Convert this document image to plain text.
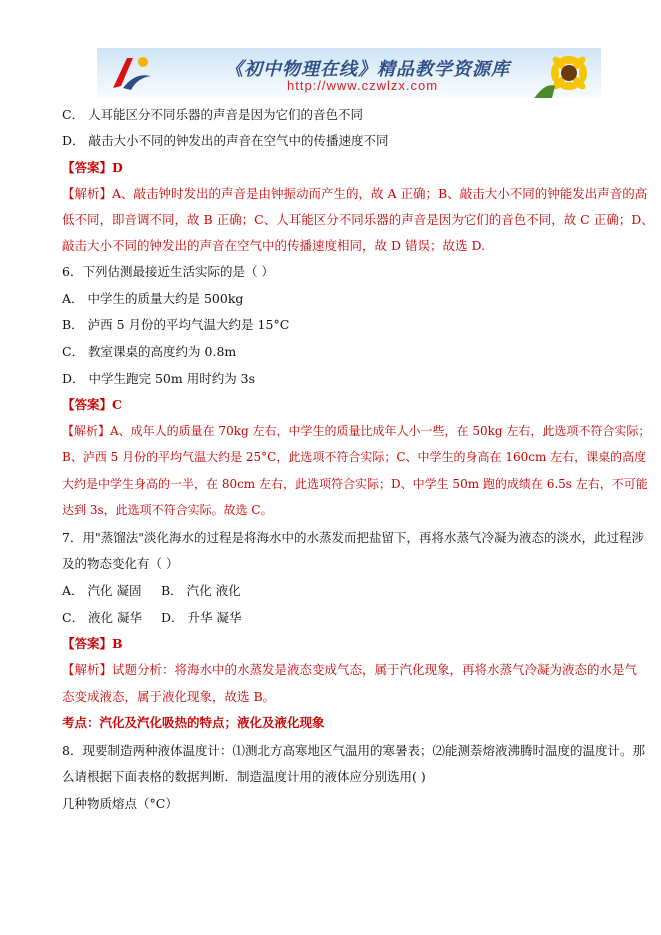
《初中物理在线》精品教学资源库
http://www.czwlzx.com
C． 人耳能区分不同乐器的声音是因为它们的音色不同
D． 敲击大小不同的钟发出的声音在空气中的传播速度不同
【答案】D
【解析】A、敲击钟时发出的声音是由钟振动而产生的，故 A 正确；B、敲击大小不同的钟能发出声音的高
低不同，即音调不同，故 B 正确；C、人耳能区分不同乐器的声音是因为它们的音色不同，故 C 正确；D、
敲击大小不同的钟发出的声音在空气中的传播速度相同，故 D 错误；故选 D.
6．下列估测最接近生活实际的是（ ）
A． 中学生的质量大约是 500kg
B． 泸西 5 月份的平均气温大约是 15°C
C． 教室课桌的高度约为 0.8m
D． 中学生跑完 50m 用时约为 3s
【答案】C
【解析】A、成年人的质量在 70kg 左右，中学生的质量比成年人小一些，在 50kg 左右，此选项不符合实际；
B、泸西 5 月份的平均气温大约是 25°C，此选项不符合实际；C、中学生的身高在 160cm 左右，课桌的高度
大约是中学生身高的一半，在 80cm 左右，此选项符合实际；D、中学生 50m 跑的成绩在 6.5s 左右，不可能
达到 3s，此选项不符合实际。故选 C。
7．用"蒸馏法"淡化海水的过程是将海水中的水蒸发而把盐留下，再将水蒸气冷凝为液态的淡水，此过程涉
及的物态变化有（ ）
A． 汽化 凝固 B． 汽化 液化
C． 液化 凝华 D． 升华 凝华
【答案】B
【解析】试题分析：将海水中的水蒸发是液态变成气态，属于汽化现象，再将水蒸气冷凝为液态的水是气
态变成液态，属于液化现象，故选 B。
考点：汽化及汽化吸热的特点；液化及液化现象
8．现要制造两种液体温度计：⑴测北方高寒地区气温用的寒暑表；⑵能测萘熔液沸腾时温度的温度计。那
么请根据下面表格的数据判断．制造温度计用的液体应分别选用( )
几种物质熔点（°C）
